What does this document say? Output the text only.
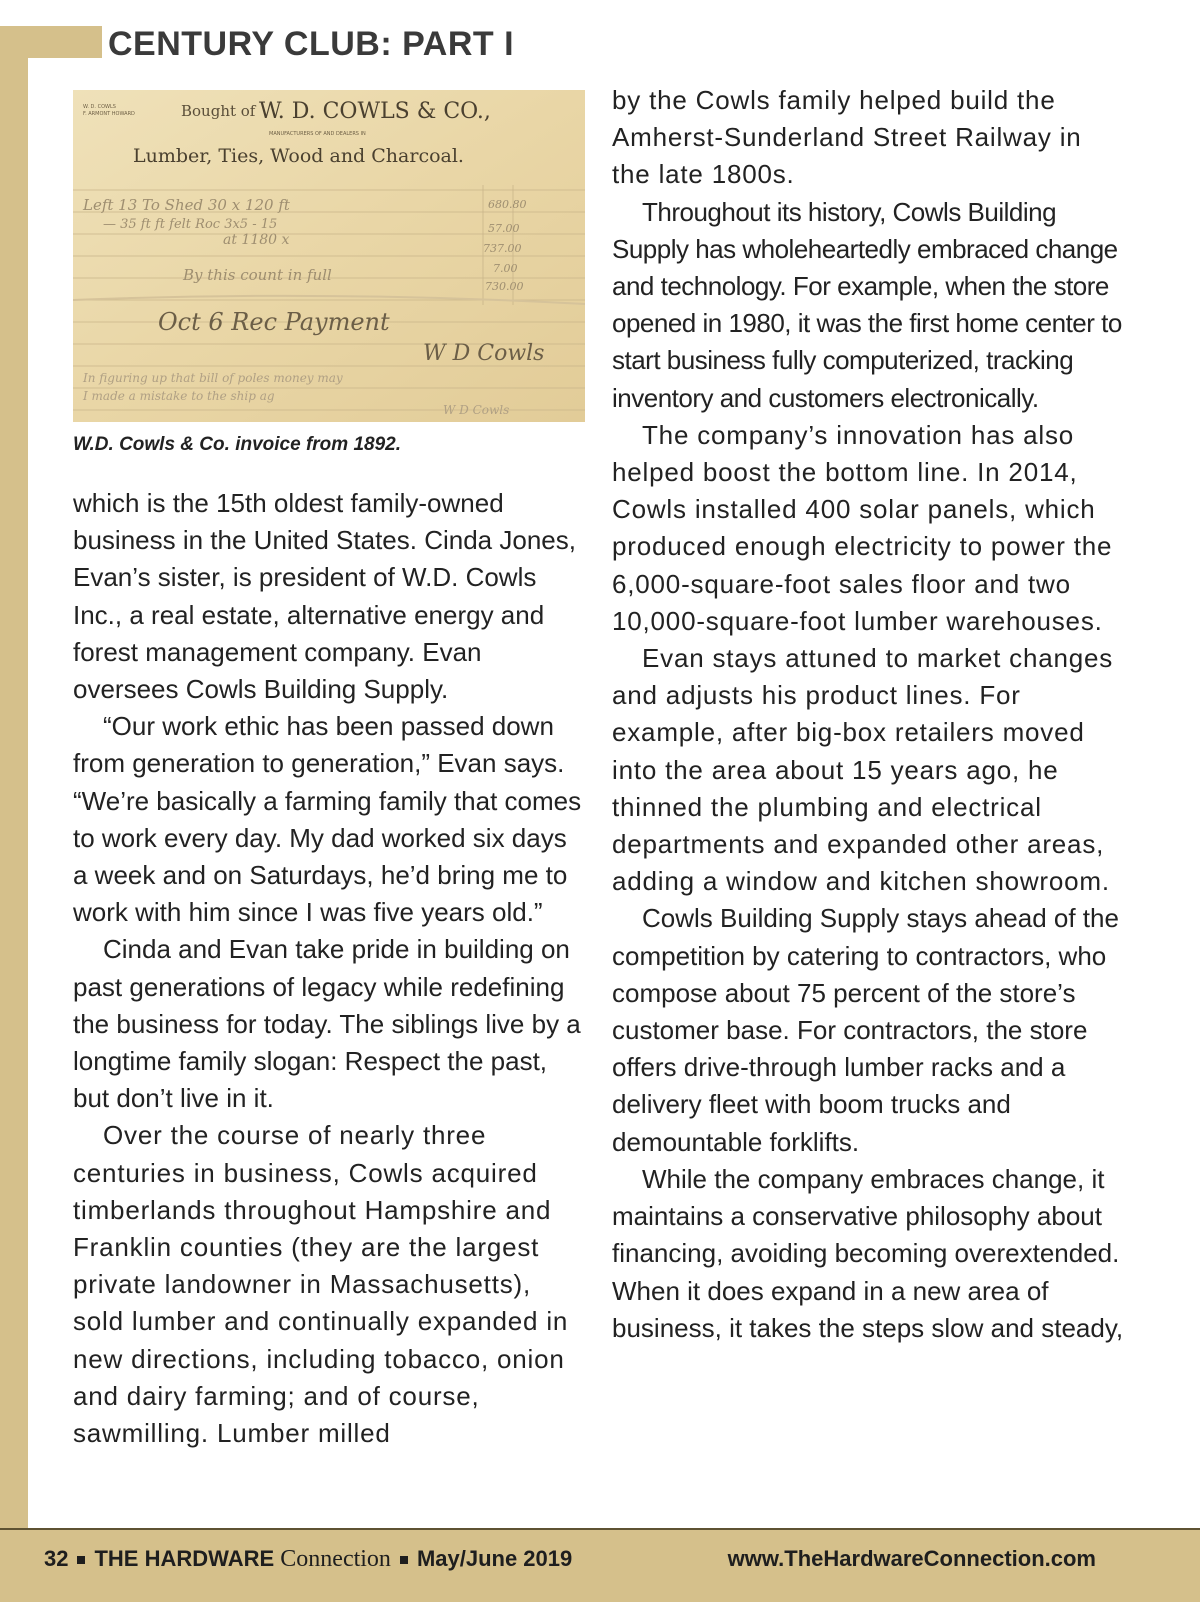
CENTURY CLUB: PART I
W. D. COWLS
F. ARMONT HOWARD	Bought of W. D. COWLS & CO.,
MANUFACTURERS OF AND DEALERS IN
Lumber, Ties, Wood and Charcoal.
Left 13 To Shed 30 x 120 ft
— 35 ft ft felt Roc 3x5 - 15
at 1180 x
By this count in full
680.80
57.00
737.00
7.00
730.00
Oct 6 Rec Payment
W D Cowls
In figuring up that bill of poles money may
I made a mistake to the ship ag
W D Cowls

W.D. Cowls & Co. invoice from 1892.

which is the 15th oldest family-owned business in the United States. Cinda Jones, Evan’s sister, is president of W.D. Cowls Inc., a real estate, alternative energy and forest management company. Evan oversees Cowls Building Supply.

“Our work ethic has been passed down from generation to generation,” Evan says. “We’re basically a farming family that comes to work every day. My dad worked six days a week and on Saturdays, he’d bring me to work with him since I was five years old.”

Cinda and Evan take pride in building on past generations of legacy while redefining the business for today. The siblings live by a longtime family slogan: Respect the past, but don’t live in it.

Over the course of nearly three centuries in business, Cowls acquired timberlands throughout Hampshire and Franklin counties (they are the largest private landowner in Massachusetts), sold lumber and continually expanded in new directions, including tobacco, onion and dairy farming; and of course, sawmilling. Lumber milled

by the Cowls family helped build the Amherst-Sunderland Street Railway in the late 1800s.

Throughout its history, Cowls Building Supply has wholeheartedly embraced change and technology. For example, when the store opened in 1980, it was the first home center to start business fully computerized, tracking inventory and customers electronically.

The company’s innovation has also helped boost the bottom line. In 2014, Cowls installed 400 solar panels, which produced enough electricity to power the 6,000-square-foot sales floor and two 10,000-square-foot lumber warehouses.

Evan stays attuned to market changes and adjusts his product lines. For example, after big-box retailers moved into the area about 15 years ago, he thinned the plumbing and electrical departments and expanded other areas, adding a window and kitchen showroom.

Cowls Building Supply stays ahead of the competition by catering to contractors, who compose about 75 percent of the store’s customer base. For contractors, the store offers drive-through lumber racks and a delivery fleet with boom trucks and demountable forklifts.

While the company embraces change, it maintains a conservative philosophy about financing, avoiding becoming overextended. When it does expand in a new area of business, it takes the steps slow and steady,

32 THE HARDWARE Connection May/June 2019	www.TheHardwareConnection.com
